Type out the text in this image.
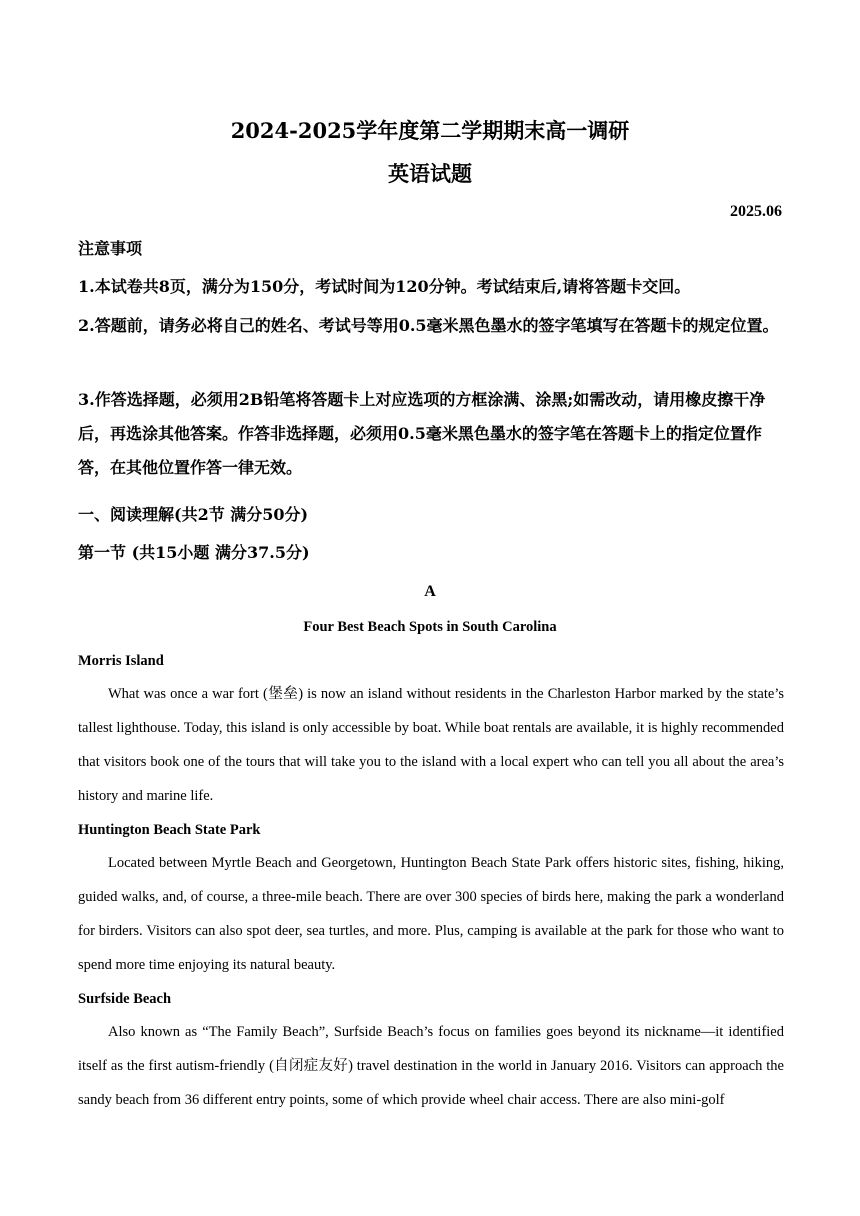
2024-2025学年度第二学期期末高一调研
英语试题
2025.06
注意事项
1.本试卷共8页，满分为150分，考试时间为120分钟。考试结束后,请将答题卡交回。
2.答题前，请务必将自己的姓名、考试号等用0.5毫米黑色墨水的签字笔填写在答题卡的规定位置。
3.作答选择题，必须用2B铅笔将答题卡上对应选项的方框涂满、涂黑;如需改动，请用橡皮擦干净后，再选涂其他答案。作答非选择题，必须用0.5毫米黑色墨水的签字笔在答题卡上的指定位置作答，在其他位置作答一律无效。
一、阅读理解(共2节 满分50分)
第一节 (共15小题 满分37.5分)
A
Four Best Beach Spots in South Carolina
Morris Island
What was once a war fort (堡垒) is now an island without residents in the Charleston Harbor marked by the state’s tallest lighthouse. Today, this island is only accessible by boat. While boat rentals are available, it is highly recommended that visitors book one of the tours that will take you to the island with a local expert who can tell you all about the area’s history and marine life.
Huntington Beach State Park
Located between Myrtle Beach and Georgetown, Huntington Beach State Park offers historic sites, fishing, hiking, guided walks, and, of course, a three-mile beach. There are over 300 species of birds here, making the park a wonderland for birders. Visitors can also spot deer, sea turtles, and more. Plus, camping is available at the park for those who want to spend more time enjoying its natural beauty.
Surfside Beach
Also known as “The Family Beach”, Surfside Beach’s focus on families goes beyond its nickname—it identified itself as the first autism-friendly (自闭症友好) travel destination in the world in January 2016. Visitors can approach the sandy beach from 36 different entry points, some of which provide wheel chair access. There are also mini-golf
